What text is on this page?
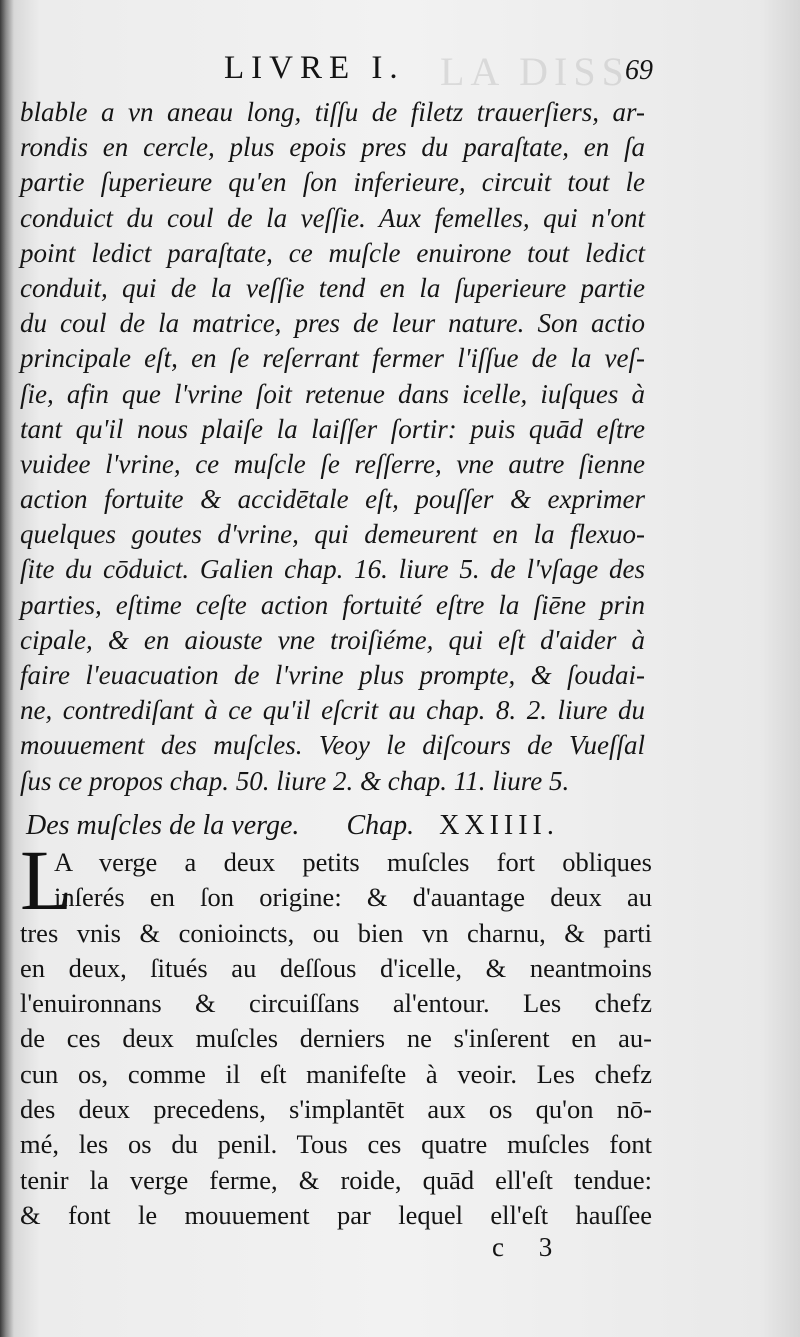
LA DISS
LIVRE I.	69
blable a vn aneau long, tiſſu de filetz trauerſiers, ar-
rondis en cercle, plus epois pres du paraſtate, en ſa
partie ſuperieure qu'en ſon inferieure, circuit tout le
conduict du coul de la veſſie. Aux femelles, qui n'ont
point ledict paraſtate, ce muſcle enuirone tout ledict
conduit, qui de la veſſie tend en la ſuperieure partie
du coul de la matrice, pres de leur nature. Son actio
principale eſt, en ſe reſerrant fermer l'iſſue de la veſ-
ſie, afin que l'vrine ſoit retenue dans icelle, iuſques à
tant qu'il nous plaiſe la laiſſer ſortir: puis quād eſtre
vuidee l'vrine, ce muſcle ſe reſſerre, vne autre ſienne
action fortuite & accidētale eſt, pouſſer & exprimer
quelques goutes d'vrine, qui demeurent en la flexuo-
ſite du cōduict. Galien chap. 16. liure 5. de l'vſage des
parties, eſtime ceſte action fortuité eſtre la ſiēne prin
cipale, & en aiouste vne troiſiéme, qui eſt d'aider à
faire l'euacuation de l'vrine plus prompte, & ſoudai-
ne, contrediſant à ce qu'il eſcrit au chap. 8. 2. liure du
mouuement des muſcles. Veoy le diſcours de Vueſſal
ſus ce propos chap. 50. liure 2. & chap. 11. liure 5.
Des muſcles de la verge. Chap. XXIIII.
L
A verge a deux petits muſcles fort obliques
inſerés en ſon origine: & d'auantage deux au
tres vnis & conioincts, ou bien vn charnu, & parti
en deux, ſitués au deſſous d'icelle, & neantmoins
l'enuironnans & circuiſſans al'entour. Les chefz
de ces deux muſcles derniers ne s'inſerent en au-
cun os, comme il eſt manifeſte à veoir. Les chefz
des deux precedens, s'implantēt aux os qu'on nō-
mé, les os du penil. Tous ces quatre muſcles font
tenir la verge ferme, & roide, quād ell'eſt tendue:
& font le mouuement par lequel ell'eſt hauſſee
c 3
